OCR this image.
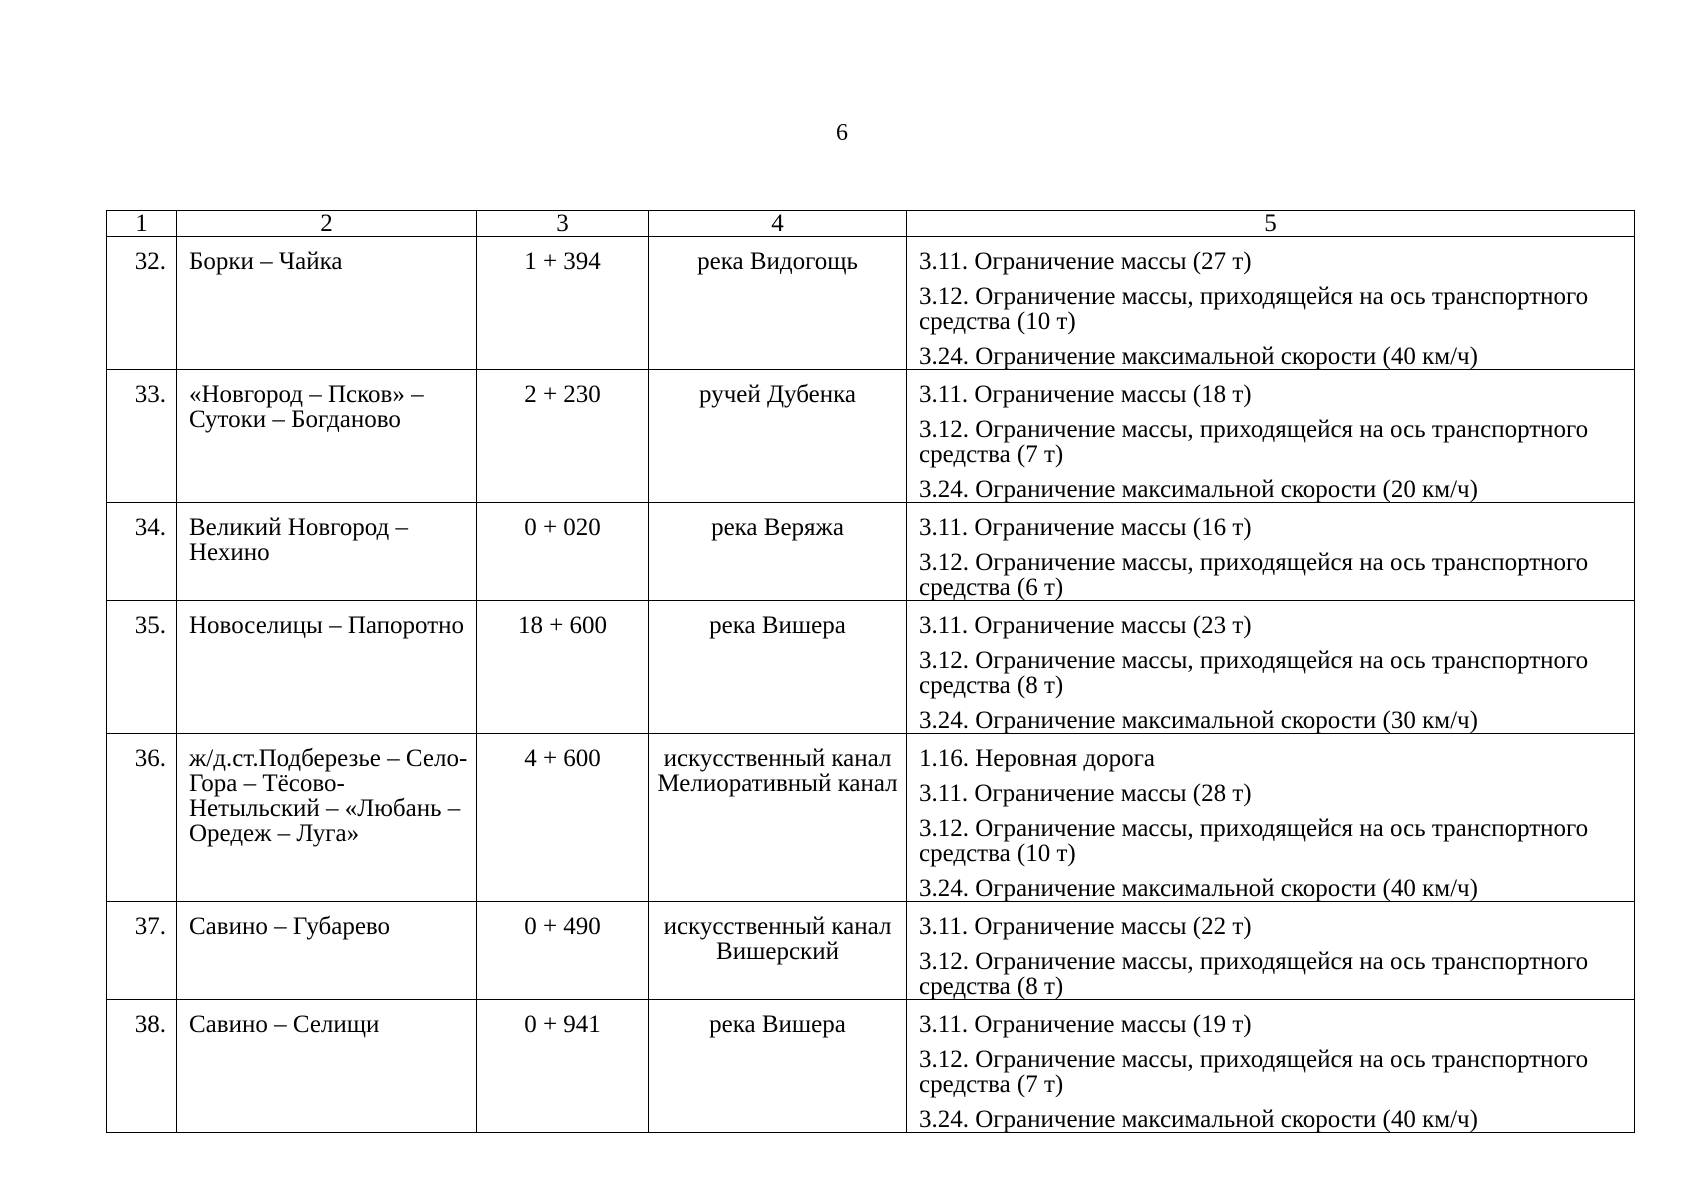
6
1	2	3	4	5
32.	Борки – Чайка	1 + 394	река Видогощь	3.11. Ограничение массы (27 т)
3.12. Ограничение массы, приходящейся на ось транспортного средства (10 т)
3.24. Ограничение максимальной скорости (40 км/ч)

33.	«Новгород – Псков» – Сутоки – Богданово	2 + 230	ручей Дубенка	3.11. Ограничение массы (18 т)
3.12. Ограничение массы, приходящейся на ось транспортного средства (7 т)
3.24. Ограничение максимальной скорости (20 км/ч)

34.	Великий Новгород – Нехино	0 + 020	река Веряжа	3.11. Ограничение массы (16 т)
3.12. Ограничение массы, приходящейся на ось транспортного средства (6 т)

35.	Новоселицы – Папоротно	18 + 600	река Вишера	3.11. Ограничение массы (23 т)
3.12. Ограничение массы, приходящейся на ось транспортного средства (8 т)
3.24. Ограничение максимальной скорости (30 км/ч)

36.	ж/д.ст.Подберезье – Село-Гора – Тёсово-Нетыльский – «Любань – Оредеж – Луга»	4 + 600	искусственный канал Мелиоративный канал	1.16. Неровная дорога
3.11. Ограничение массы (28 т)
3.12. Ограничение массы, приходящейся на ось транспортного средства (10 т)
3.24. Ограничение максимальной скорости (40 км/ч)

37.	Савино – Губарево	0 + 490	искусственный канал Вишерский	3.11. Ограничение массы (22 т)
3.12. Ограничение массы, приходящейся на ось транспортного средства (8 т)

38.	Савино – Селищи	0 + 941	река Вишера	3.11. Ограничение массы (19 т)
3.12. Ограничение массы, приходящейся на ось транспортного средства (7 т)
3.24. Ограничение максимальной скорости (40 км/ч)
